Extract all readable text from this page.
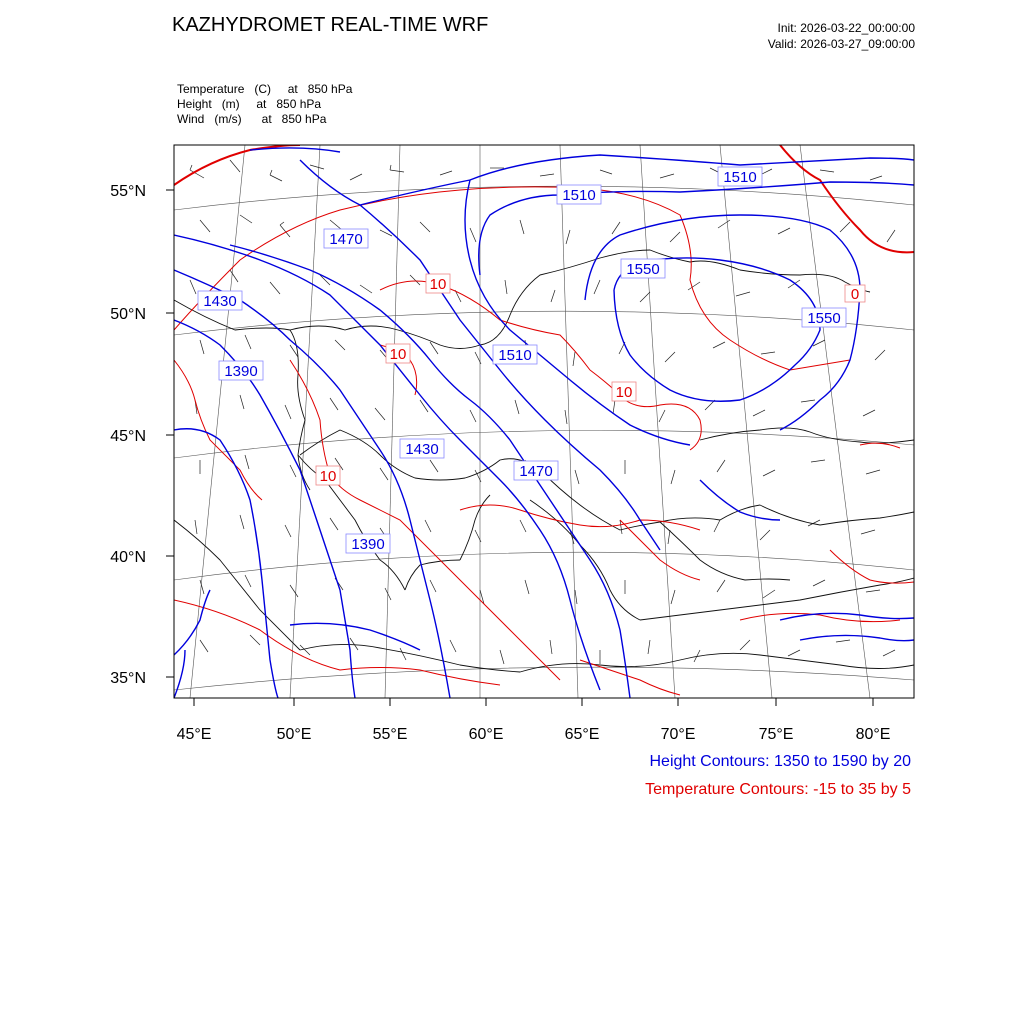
KAZHYDROMET REAL-TIME WRF	Init: 2026-03-22_00:00:00
Valid: 2026-03-27_09:00:00
Temperature   (C)     at   850 hPa
Height   (m)     at   850 hPa
Wind   (m/s)      at   850 hPa
1510
1510
1470
1550
1430
1550
1510
1390
1430
1470
1390
10
10
10
10
0
55°N
50°N
45°N
40°N
35°N
45°E	50°E	55°E	60°E	65°E	70°E	75°E	80°E
Height Contours: 1350 to 1590 by 20
Temperature Contours: -15 to 35 by 5
